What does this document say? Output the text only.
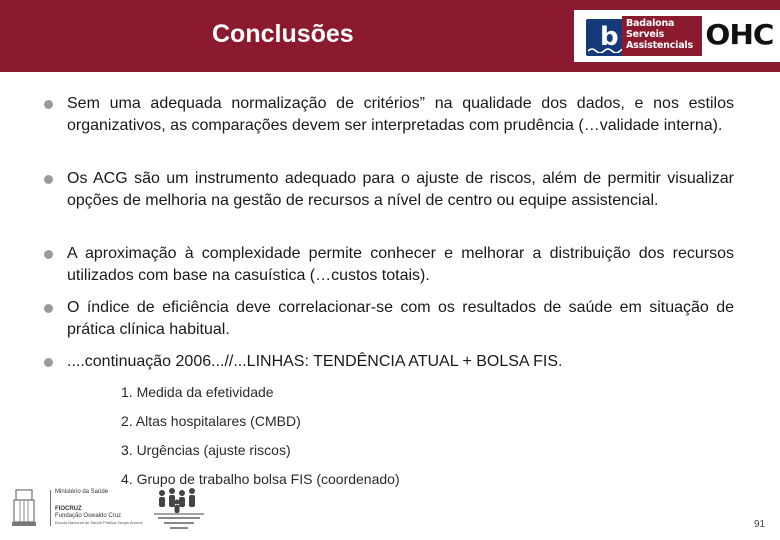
Conclusões	b Badalona
Serveis
Assistencials OHC
Sem uma adequada normalização de critérios” na qualidade dos dados, e nos estilos organizativos, as comparações devem ser interpretadas com prudência (…validade interna).
Os ACG são um instrumento adequado para o ajuste de riscos, além de permitir visualizar opções de melhoria na gestão de recursos a nível de centro ou equipe assistencial.
A aproximação à complexidade permite conhecer e melhorar a distribuição dos recursos utilizados com base na casuística (…custos totais).
O índice de eficiência deve correlacionar-se com os resultados de saúde em situação de prática clínica habitual.
....continuação 2006...//...LINHAS: TENDÊNCIA ATUAL + BOLSA FIS.
1. Medida da efetividade
2. Altas hospitalares (CMBD)
3. Urgências (ajuste riscos)
4. Grupo de trabalho bolsa FIS (coordenado)
Ministério da Saúde
FIOCRUZ
Fundação Oswaldo Cruz
Escola Nacional de Saúde Pública Sergio Arouca	91
